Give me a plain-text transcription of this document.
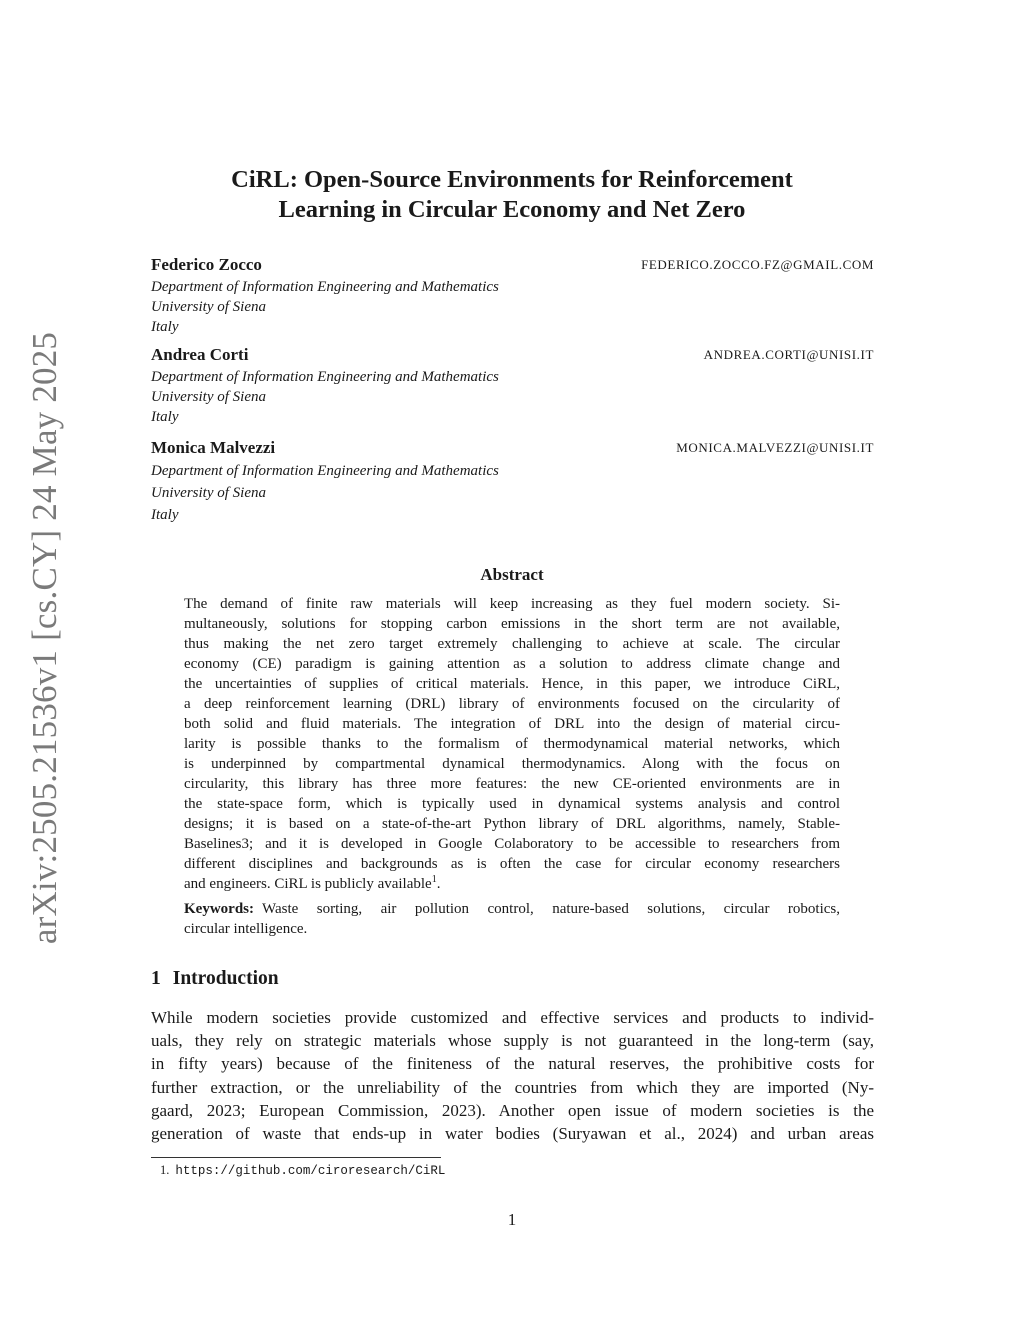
arXiv:2505.21536v1 [cs.CY] 24 May 2025
CiRL: Open-Source Environments for Reinforcement
Learning in Circular Economy and Net Zero
Federico Zocco	FEDERICO.ZOCCO.FZ@GMAIL.COM
Department of Information Engineering and Mathematics
University of Siena
Italy
Andrea Corti	ANDREA.CORTI@UNISI.IT
Department of Information Engineering and Mathematics
University of Siena
Italy
Monica Malvezzi	MONICA.MALVEZZI@UNISI.IT
Department of Information Engineering and Mathematics
University of Siena
Italy
Abstract
The demand of finite raw materials will keep increasing as they fuel modern society. Si-
multaneously, solutions for stopping carbon emissions in the short term are not available,
thus making the net zero target extremely challenging to achieve at scale. The circular
economy (CE) paradigm is gaining attention as a solution to address climate change and
the uncertainties of supplies of critical materials. Hence, in this paper, we introduce CiRL,
a deep reinforcement learning (DRL) library of environments focused on the circularity of
both solid and fluid materials. The integration of DRL into the design of material circu-
larity is possible thanks to the formalism of thermodynamical material networks, which
is underpinned by compartmental dynamical thermodynamics. Along with the focus on
circularity, this library has three more features: the new CE-oriented environments are in
the state-space form, which is typically used in dynamical systems analysis and control
designs; it is based on a state-of-the-art Python library of DRL algorithms, namely, Stable-
Baselines3; and it is developed in Google Colaboratory to be accessible to researchers from
different disciplines and backgrounds as is often the case for circular economy researchers
and engineers. CiRL is publicly available$^1$.
Keywords: Waste sorting, air pollution control, nature-based solutions, circular robotics,
circular intelligence.
1 Introduction
While modern societies provide customized and effective services and products to individ-
uals, they rely on strategic materials whose supply is not guaranteed in the long-term (say,
in fifty years) because of the finiteness of the natural reserves, the prohibitive costs for
further extraction, or the unreliability of the countries from which they are imported (Ny-
gaard, 2023; European Commission, 2023). Another open issue of modern societies is the
generation of waste that ends-up in water bodies (Suryawan et al., 2024) and urban areas
1. https://github.com/ciroresearch/CiRL
1
